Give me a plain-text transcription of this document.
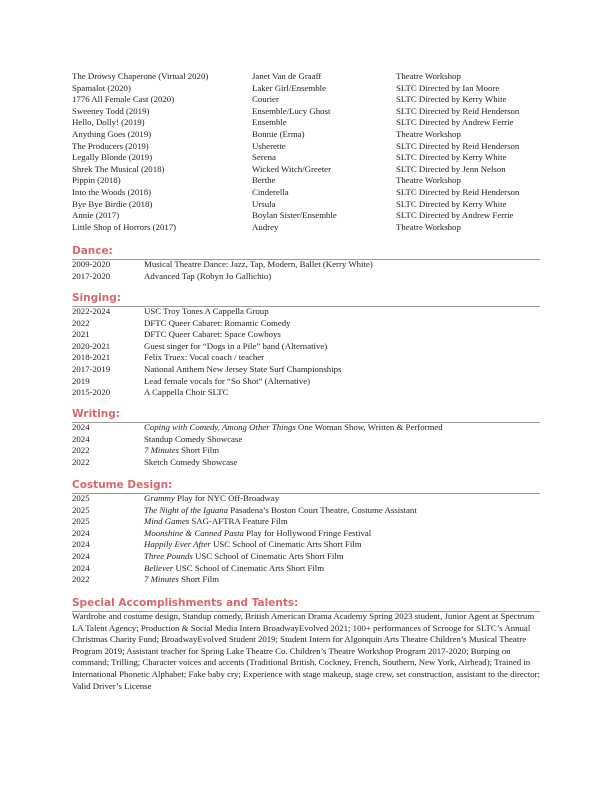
The Drowsy Chaperone (Virtual 2020)	Janet Van de Graaff	Theatre Workshop
Spamalot (2020)	Laker Girl/Ensemble	SLTC Directed by Ian Moore
1776 All Female Cast (2020)	Courier	SLTC Directed by Kerry White
Sweeney Todd (2019)	Ensemble/Lucy Ghost	SLTC Directed by Reid Henderson
Hello, Dolly! (2019)	Ensemble	SLTC Directed by Andrew Ferrie
Anything Goes (2019)	Bonnie (Erma)	Theatre Workshop
The Producers (2019)	Usherette	SLTC Directed by Reid Henderson
Legally Blonde (2019)	Serena	SLTC Directed by Kerry White
Shrek The Musical (2018)	Wicked Witch/Greeter	SLTC Directed by Jenn Nelson
Pippin (2018)	Berthe	Theatre Workshop
Into the Woods (2018)	Cinderella	SLTC Directed by Reid Henderson
Bye Bye Birdie (2018)	Ursula	SLTC Directed by Kerry White
Annie (2017)	Boylan Sister/Ensemble	SLTC Directed by Andrew Ferrie
Little Shop of Horrors (2017)	Audrey	Theatre Workshop
Dance:
2009-2020	Musical Theatre Dance: Jazz, Tap, Modern, Ballet (Kerry White)
2017-2020	Advanced Tap (Robyn Jo Gallichio)
Singing:
2022-2024	USC Troy Tones A Cappella Group
2022	DFTC Queer Cabaret: Romantic Comedy
2021	DFTC Queer Cabaret: Space Cowboys
2020-2021	Guest singer for “Dogs in a Pile” band (Alternative)
2018-2021	Felix Truex: Vocal coach / teacher
2017-2019	National Anthem New Jersey State Surf Championships
2019	Lead female vocals for “So Shot” (Alternative)
2015-2020	A Cappella Choir SLTC
Writing:
2024	Coping with Comedy, Among Other Things One Woman Show, Written & Performed
2024	Standup Comedy Showcase
2022	7 Minutes Short Film
2022	Sketch Comedy Showcase
Costume Design:
2025	Grammy Play for NYC Off-Broadway
2025	The Night of the Iguana Pasadena’s Boston Court Theatre, Costume Assistant
2025	Mind Games SAG-AFTRA Feature Film
2024	Moonshine & Canned Pasta Play for Hollywood Fringe Festival
2024	Happily Ever After USC School of Cinematic Arts Short Film
2024	Three Pounds USC School of Cinematic Arts Short Film
2024	Believer USC School of Cinematic Arts Short Film
2022	7 Minutes Short Film
Special Accomplishments and Talents:
Wardrobe and costume design, Standup comedy, British American Drama Academy Spring 2023 student, Junior Agent at Spectrum LA Talent Agency; Production & Social Media Intern BroadwayEvolved 2021; 100+ performances of Scrooge for SLTC’s Annual Christmas Charity Fund; BroadwayEvolved Student 2019; Student Intern for Algonquin Arts Theatre Children’s Musical Theatre Program 2019; Assistant teacher for Spring Lake Theatre Co. Children’s Theatre Workshop Program 2017-2020; Burping on command; Trilling; Character voices and accents (Traditional British, Cockney, French, Southern, New York, Airhead); Trained in International Phonetic Alphabet; Fake baby cry; Experience with stage makeup, stage crew, set construction, assistant to the director; Valid Driver’s License
